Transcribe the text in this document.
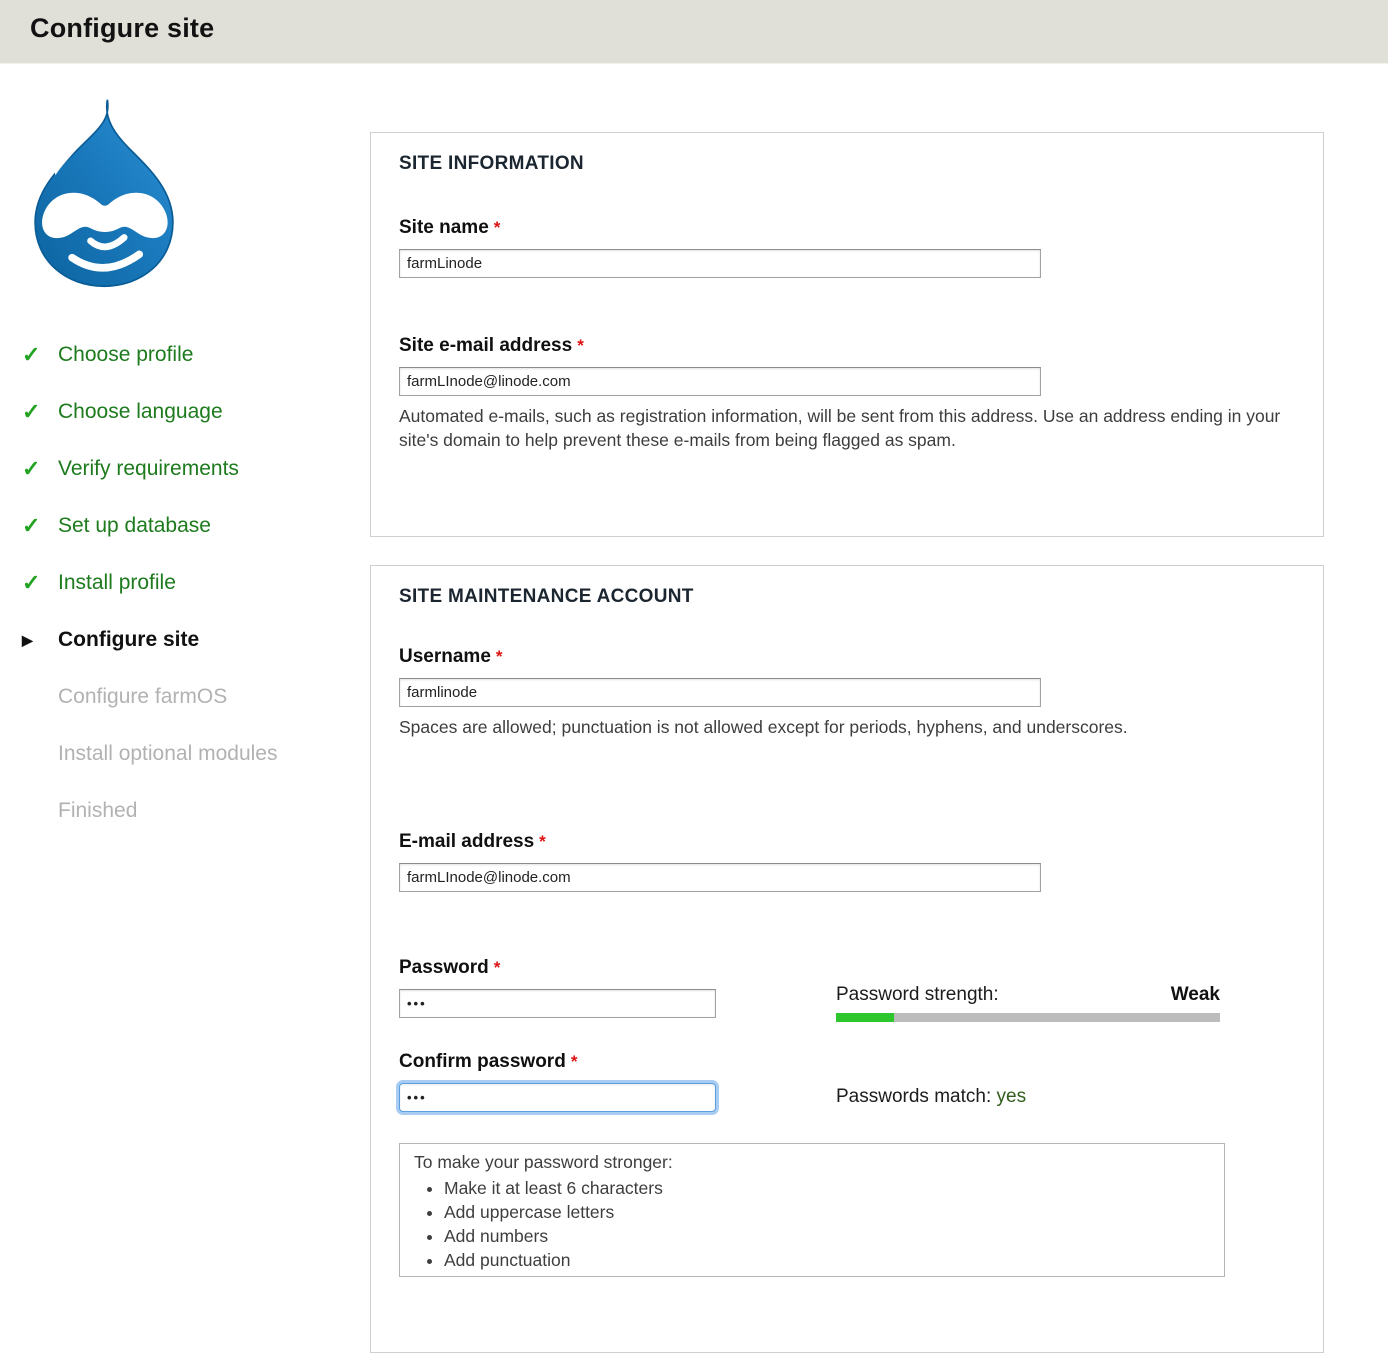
Configure site
✓ Choose profile
✓ Choose language
✓ Verify requirements
✓ Set up database
✓ Install profile
▶	Configure site
Configure farmOS
Install optional modules
Finished
SITE INFORMATION
Site name *
farmLinode
Site e-mail address *
farmLInode@linode.com
Automated e-mails, such as registration information, will be sent from this address. Use an address ending in your site's domain to help prevent these e-mails from being flagged as spam.
SITE MAINTENANCE ACCOUNT
Username *
farmlinode
Spaces are allowed; punctuation is not allowed except for periods, hyphens, and underscores.
E-mail address *
farmLInode@linode.com
Password *
•••
Password strength:	Weak
Confirm password *
•••
Passwords match: yes
To make your password stronger:
• Make it at least 6 characters
• Add uppercase letters
• Add numbers
• Add punctuation
